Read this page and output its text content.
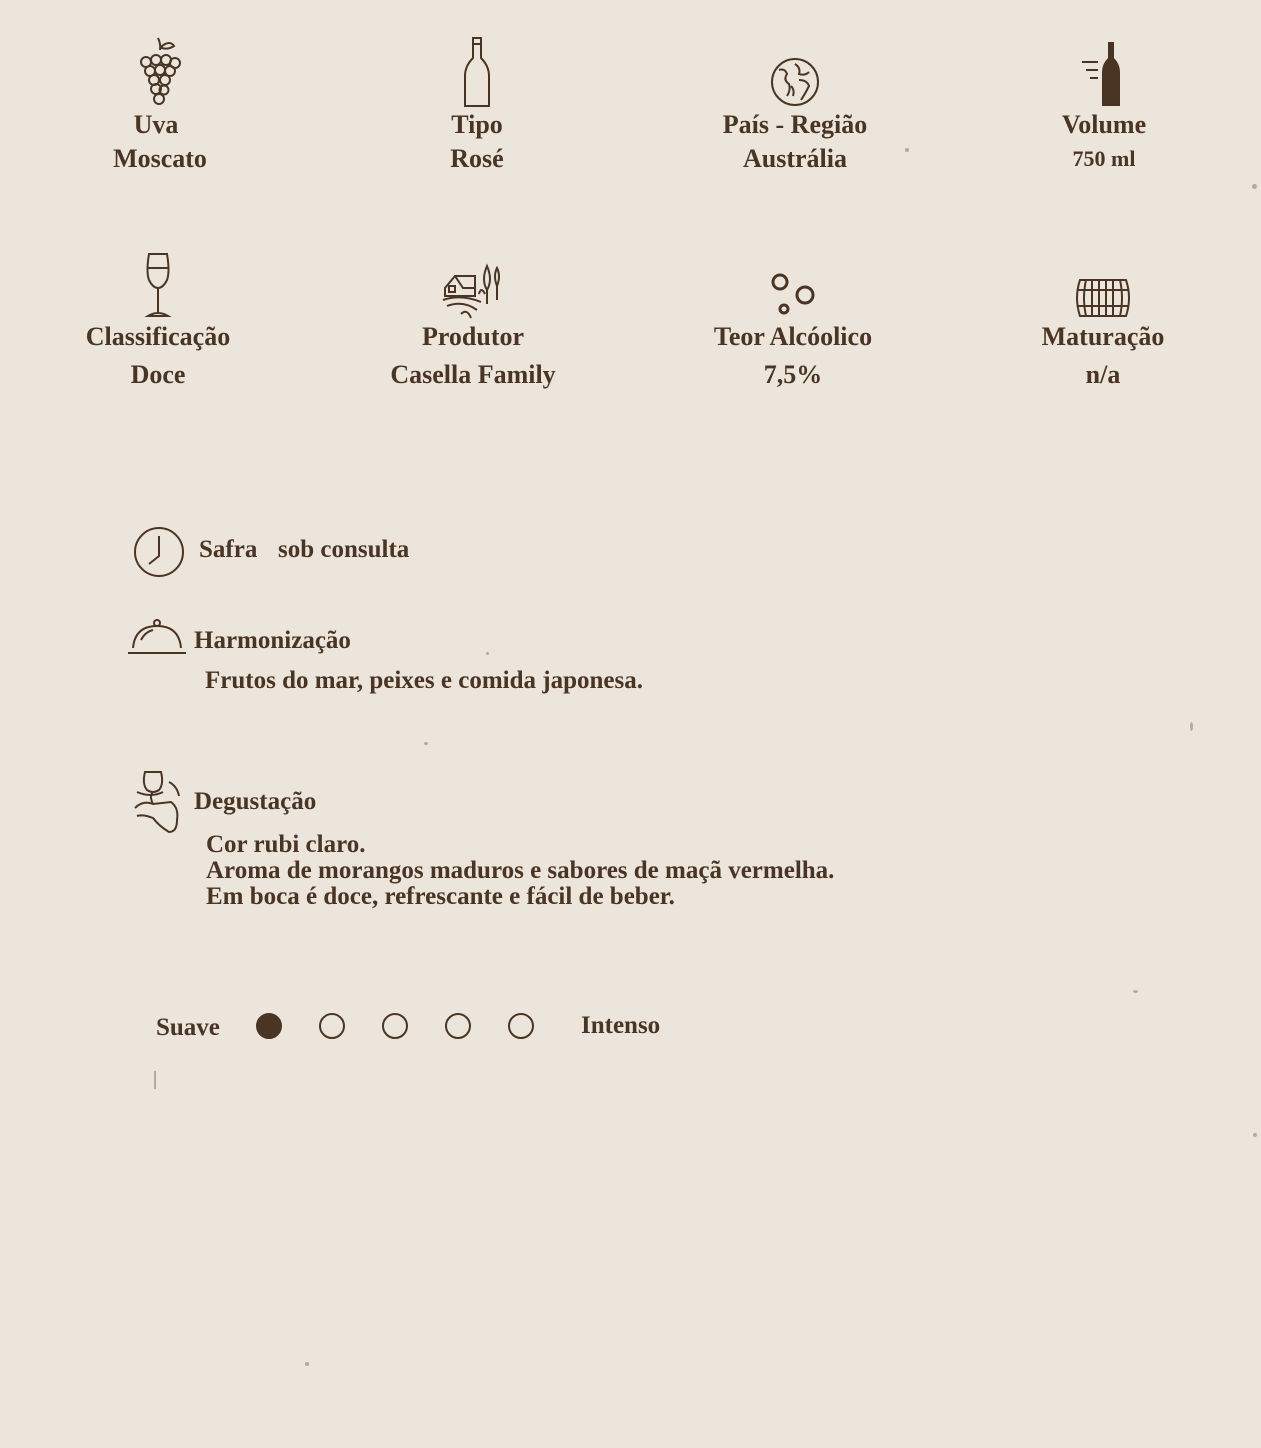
Uva
Moscato
Tipo
Rosé
País - Região
Austrália
Volume
750 ml
Classificação
Doce
Produtor
Casella Family
Teor Alcóolico
7,5%
Maturação
n/a
Safra sob consulta
Harmonização
Frutos do mar, peixes e comida japonesa.
Degustação
Cor rubi claro.
Aroma de morangos maduros e sabores de maçã vermelha.
Em boca é doce, refrescante e fácil de beber.
Suave	Intenso
